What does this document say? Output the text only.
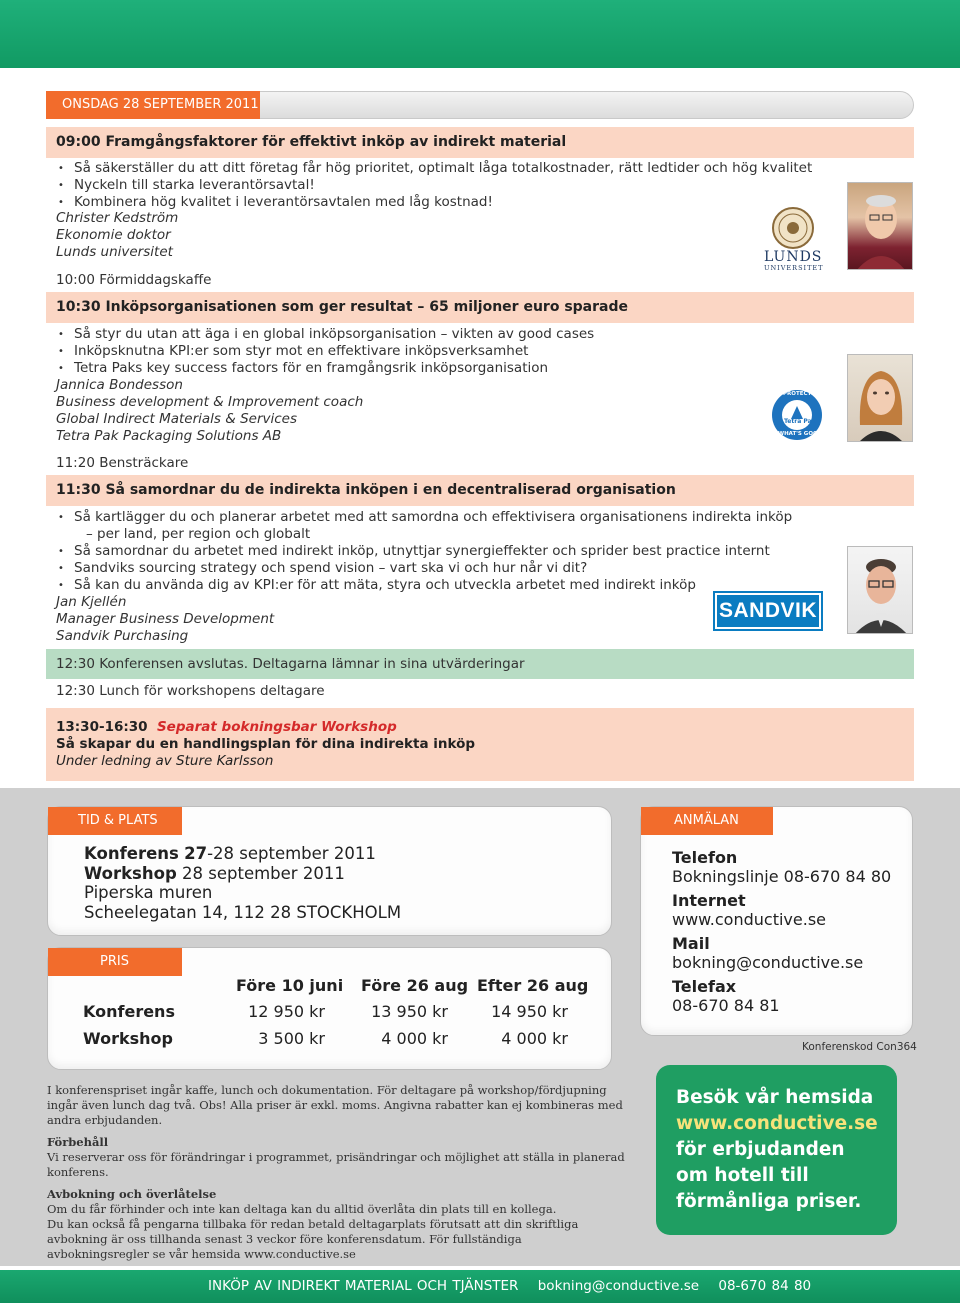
ONSDAG 28 SEPTEMBER 2011
09:00 Framgångsfaktorer för effektivt inköp av indirekt material
• Så säkerställer du att ditt företag får hög prioritet, optimalt låga totalkostnader, rätt ledtider och hög kvalitet
• Nyckeln till starka leverantörsavtal!
• Kombinera hög kvalitet i leverantörsavtalen med låg kostnad!
Christer Kedström
Ekonomie doktor
Lunds universitet	LUNDS
UNIVERSITET
10:00 Förmiddagskaffe
10:30 Inköpsorganisationen som ger resultat – 65 miljoner euro sparade
• Så styr du utan att äga i en global inköpsorganisation – vikten av good cases
• Inköpsknutna KPI:er som styr mot en effektivare inköpsverksamhet
• Tetra Paks key success factors för en framgångsrik inköpsorganisation
Jannica Bondesson
Business development & Improvement coach
Global Indirect Materials & Services
Tetra Pak Packaging Solutions AB
PROTECTS
Tetra Pak
WHAT'S GOOD
11:20 Bensträckare
11:30 Så samordnar du de indirekta inköpen i en decentraliserad organisation
• Så kartlägger du och planerar arbetet med att samordna och effektivisera organisationens indirekta inköp
– per land, per region och globalt
• Så samordnar du arbetet med indirekt inköp, utnyttjar synergieffekter och sprider best practice internt
• Sandviks sourcing strategy och spend vision – vart ska vi och hur når vi dit?
• Så kan du använda dig av KPI:er för att mäta, styra och utveckla arbetet med indirekt inköp
Jan Kjellén
Manager Business Development
Sandvik Purchasing
SANDVIK
12:30 Konferensen avslutas. Deltagarna lämnar in sina utvärderingar
12:30 Lunch för workshopens deltagare
13:30-16:30 Separat bokningsbar Workshop
Så skapar du en handlingsplan för dina indirekta inköp
Under ledning av Sture Karlsson
TID & PLATS
Konferens 27-28 september 2011
Workshop 28 september 2011
Piperska muren
Scheelegatan 14, 112 28 STOCKHOLM
PRIS
Före 10 juni Före 26 aug Efter 26 aug
Konferens	12 950 kr	13 950 kr	14 950 kr
Workshop	3 500 kr	4 000 kr	4 000 kr
ANMÄLAN
Telefon
Bokningslinje 08-670 84 80
Internet
www.conductive.se
Mail
bokning@conductive.se
Telefax
08-670 84 81
Konferenskod Con364

I konferenspriset ingår kaffe, lunch och dokumentation. För deltagare på workshop/fördjupning ingår även lunch dag två. Obs! Alla priser är exkl. moms. Angivna rabatter kan ej kombineras med andra erbjudanden.

Förbehåll
Vi reserverar oss för förändringar i programmet, prisändringar och möjlighet att ställa in planerad konferens.

Avbokning och överlåtelse
Om du får förhinder och inte kan deltaga kan du alltid överlåta din plats till en kollega.
Du kan också få pengarna tillbaka för redan betald deltagarplats förutsatt att din skriftliga avbokning är oss tillhanda senast 3 veckor före konferensdatum. För fullständiga avbokningsregler se vår hemsida www.conductive.se

Besök vår hemsida
www.conductive.se
för erbjudanden om hotell till förmånliga priser.
INKÖP AV INDIREKT MATERIAL OCH TJÄNSTER bokning@conductive.se 08-670 84 80
